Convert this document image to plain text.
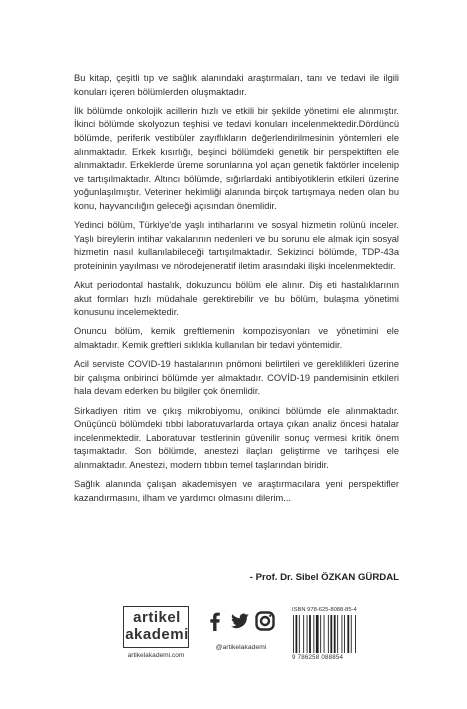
Bu kitap, çeşitli tıp ve sağlık alanındaki araştırmaları, tanı ve tedavi ile ilgili konuları içeren bölümlerden oluşmaktadır.

İlk bölümde onkolojik acillerin hızlı ve etkili bir şekilde yönetimi ele alınmıştır. İkinci bölümde skolyozun teşhisi ve tedavi konuları incelenmektedir.Dördüncü bölümde, periferik vestibüler zayıflıkların değerlendirilmesinin yöntemleri ele alınmaktadır. Erkek kısırlığı, beşinci bölümdeki genetik bir perspektiften ele alınmaktadır. Erkeklerde üreme sorunlarına yol açan genetik faktörler incelenip ve tartışılmaktadır. Altıncı bölümde, sığırlardaki antibiyotiklerin etkileri üzerine yoğunlaşılmıştır. Veteriner hekimliği alanında birçok tartışmaya neden olan bu konu, hayvancılığın geleceği açısından önemlidir.

Yedinci bölüm, Türkiye'de yaşlı intiharlarını ve sosyal hizmetin rolünü inceler. Yaşlı bireylerin intihar vakalarının nedenleri ve bu sorunu ele almak için sosyal hizmetin nasıl kullanılabileceği tartışılmaktadır. Sekizinci bölümde, TDP-43a proteininin yayılması ve nörodejeneratif iletim arasındaki ilişki incelenmektedir.

Akut periodontal hastalık, dokuzuncu bölüm ele alınır. Diş eti hastalıklarının akut formları hızlı müdahale gerektirebilir ve bu bölüm, bulaşma yönetimi konusunu incelemektedir.

Onuncu bölüm, kemik greftlemenin kompozisyonları ve yönetimini ele almaktadır. Kemik greftleri sıklıkla kullanılan bir tedavi yöntemidir.

Acil serviste COVID-19 hastalarının pnömoni belirtileri ve gereklilikleri üzerine bir çalışma onbirinci bölümde yer almaktadır. COVİD-19 pandemisinin etkileri hala devam ederken bu bilgiler çok önemlidir.

Sirkadiyen ritim ve çıkış mikrobiyomu, onikinci bölümde ele alınmaktadır. Onüçüncü bölümdeki tıbbi laboratuvarlarda ortaya çıkan analiz öncesi hatalar incelenmektedir. Laboratuvar testlerinin güvenilir sonuç vermesi kritik önem taşımaktadır. Son bölümde, anestezi ilaçları geliştirme ve tarihçesi ele alınmaktadır. Anestezi, modern tıbbın temel taşlarından biridir.

Sağlık alanında çalışan akademisyen ve araştırmacılara yeni perspektifler kazandırmasını, ilham ve yardımcı olmasını dilerim...

- Prof. Dr. Sibel ÖZKAN GÜRDAL
artikel
akademi
artikelakademi.com
@artikelakademi
ISBN 978-625-8088-85-4
9 786258 088854
